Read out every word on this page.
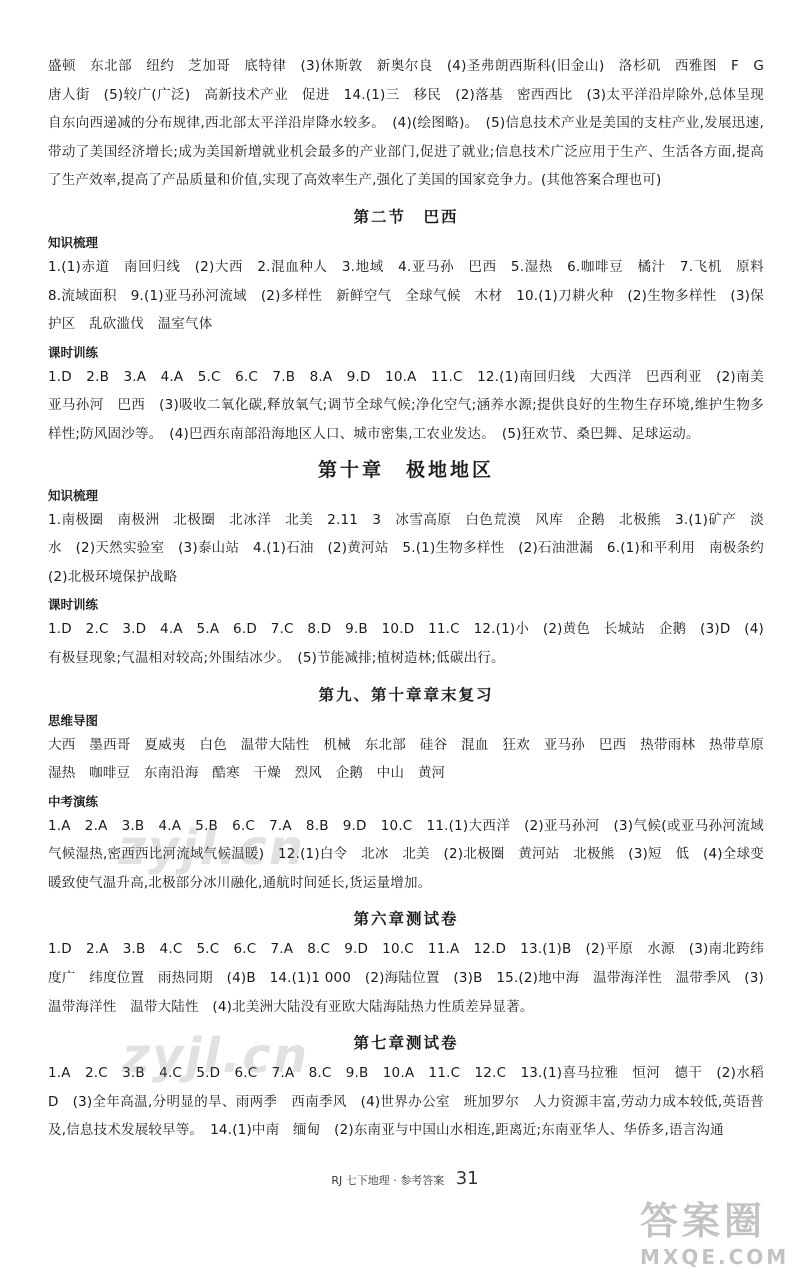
盛顿　东北部　纽约　芝加哥　底特律　(3)休斯敦　新奥尔良　(4)圣弗朗西斯科(旧金山)　洛杉矶　西雅图　F　G　唐人街　(5)较广(广泛)　高新技术产业　促进　14.(1)三　移民　(2)落基　密西西比　(3)太平洋沿岸除外,总体呈现自东向西递减的分布规律,西北部太平洋沿岸降水较多。　(4)(绘图略)。　(5)信息技术产业是美国的支柱产业,发展迅速,带动了美国经济增长;成为美国新增就业机会最多的产业部门,促进了就业;信息技术广泛应用于生产、生活各方面,提高了生产效率,提高了产品质量和价值,实现了高效率生产,强化了美国的国家竞争力。(其他答案合理也可)

第二节　巴西
知识梳理

1.(1)赤道　南回归线　(2)大西　2.混血种人　3.地域　4.亚马孙　巴西　5.湿热　6.咖啡豆　橘汁　7.飞机　原料　8.流域面积　9.(1)亚马孙河流域　(2)多样性　新鲜空气　全球气候　木材　10.(1)刀耕火种　(2)生物多样性　(3)保护区　乱砍滥伐　温室气体

课时训练

1.D　2.B　3.A　4.A　5.C　6.C　7.B　8.A　9.D　10.A　11.C　12.(1)南回归线　大西洋　巴西利亚　(2)南美　亚马孙河　巴西　(3)吸收二氧化碳,释放氧气;调节全球气候;净化空气;涵养水源;提供良好的生物生存环境,维护生物多样性;防风固沙等。　(4)巴西东南部沿海地区人口、城市密集,工农业发达。　(5)狂欢节、桑巴舞、足球运动。

第十章　极地地区
知识梳理

1.南极圈　南极洲　北极圈　北冰洋　北美　2.11　3　冰雪高原　白色荒漠　风库　企鹅　北极熊　3.(1)矿产　淡水　(2)天然实验室　(3)泰山站　4.(1)石油　(2)黄河站　5.(1)生物多样性　(2)石油泄漏　6.(1)和平利用　南极条约　(2)北极环境保护战略

课时训练

1.D　2.C　3.D　4.A　5.A　6.D　7.C　8.D　9.B　10.D　11.C　12.(1)小　(2)黄色　长城站　企鹅　(3)D　(4)有极昼现象;气温相对较高;外围结冰少。　(5)节能减排;植树造林;低碳出行。

第九、第十章章末复习
思维导图

大西　墨西哥　夏威夷　白色　温带大陆性　机械　东北部　硅谷　混血　狂欢　亚马孙　巴西　热带雨林　热带草原　湿热　咖啡豆　东南沿海　酷寒　干燥　烈风　企鹅　中山　黄河

中考演练

1.A　2.A　3.B　4.A　5.B　6.C　7.A　8.B　9.D　10.C　11.(1)大西洋　(2)亚马孙河　(3)气候(或亚马孙河流域气候湿热,密西西比河流域气候温暖)　12.(1)白令　北冰　北美　(2)北极圈　黄河站　北极熊　(3)短　低　(4)全球变暖致使气温升高,北极部分冰川融化,通航时间延长,货运量增加。

第六章测试卷

1.D　2.A　3.B　4.C　5.C　6.C　7.A　8.C　9.D　10.C　11.A　12.D　13.(1)B　(2)平原　水源　(3)南北跨纬度广　纬度位置　雨热同期　(4)B　14.(1)1 000　(2)海陆位置　(3)B　15.(2)地中海　温带海洋性　温带季风　(3)温带海洋性　温带大陆性　(4)北美洲大陆没有亚欧大陆海陆热力性质差异显著。

第七章测试卷

1.A　2.C　3.B　4.C　5.D　6.C　7.A　8.C　9.B　10.A　11.C　12.C　13.(1)喜马拉雅　恒河　德干　(2)水稻　D　(3)全年高温,分明显的旱、雨两季　西南季风　(4)世界办公室　班加罗尔　人力资源丰富,劳动力成本较低,英语普及,信息技术发展较早等。　14.(1)中南　缅甸　(2)东南亚与中国山水相连,距离近;东南亚华人、华侨多,语言沟通

zyjl.cn
zyjl.cn
RJ 七下地理 · 参考答案 31
答案圈
MXQE.COM
